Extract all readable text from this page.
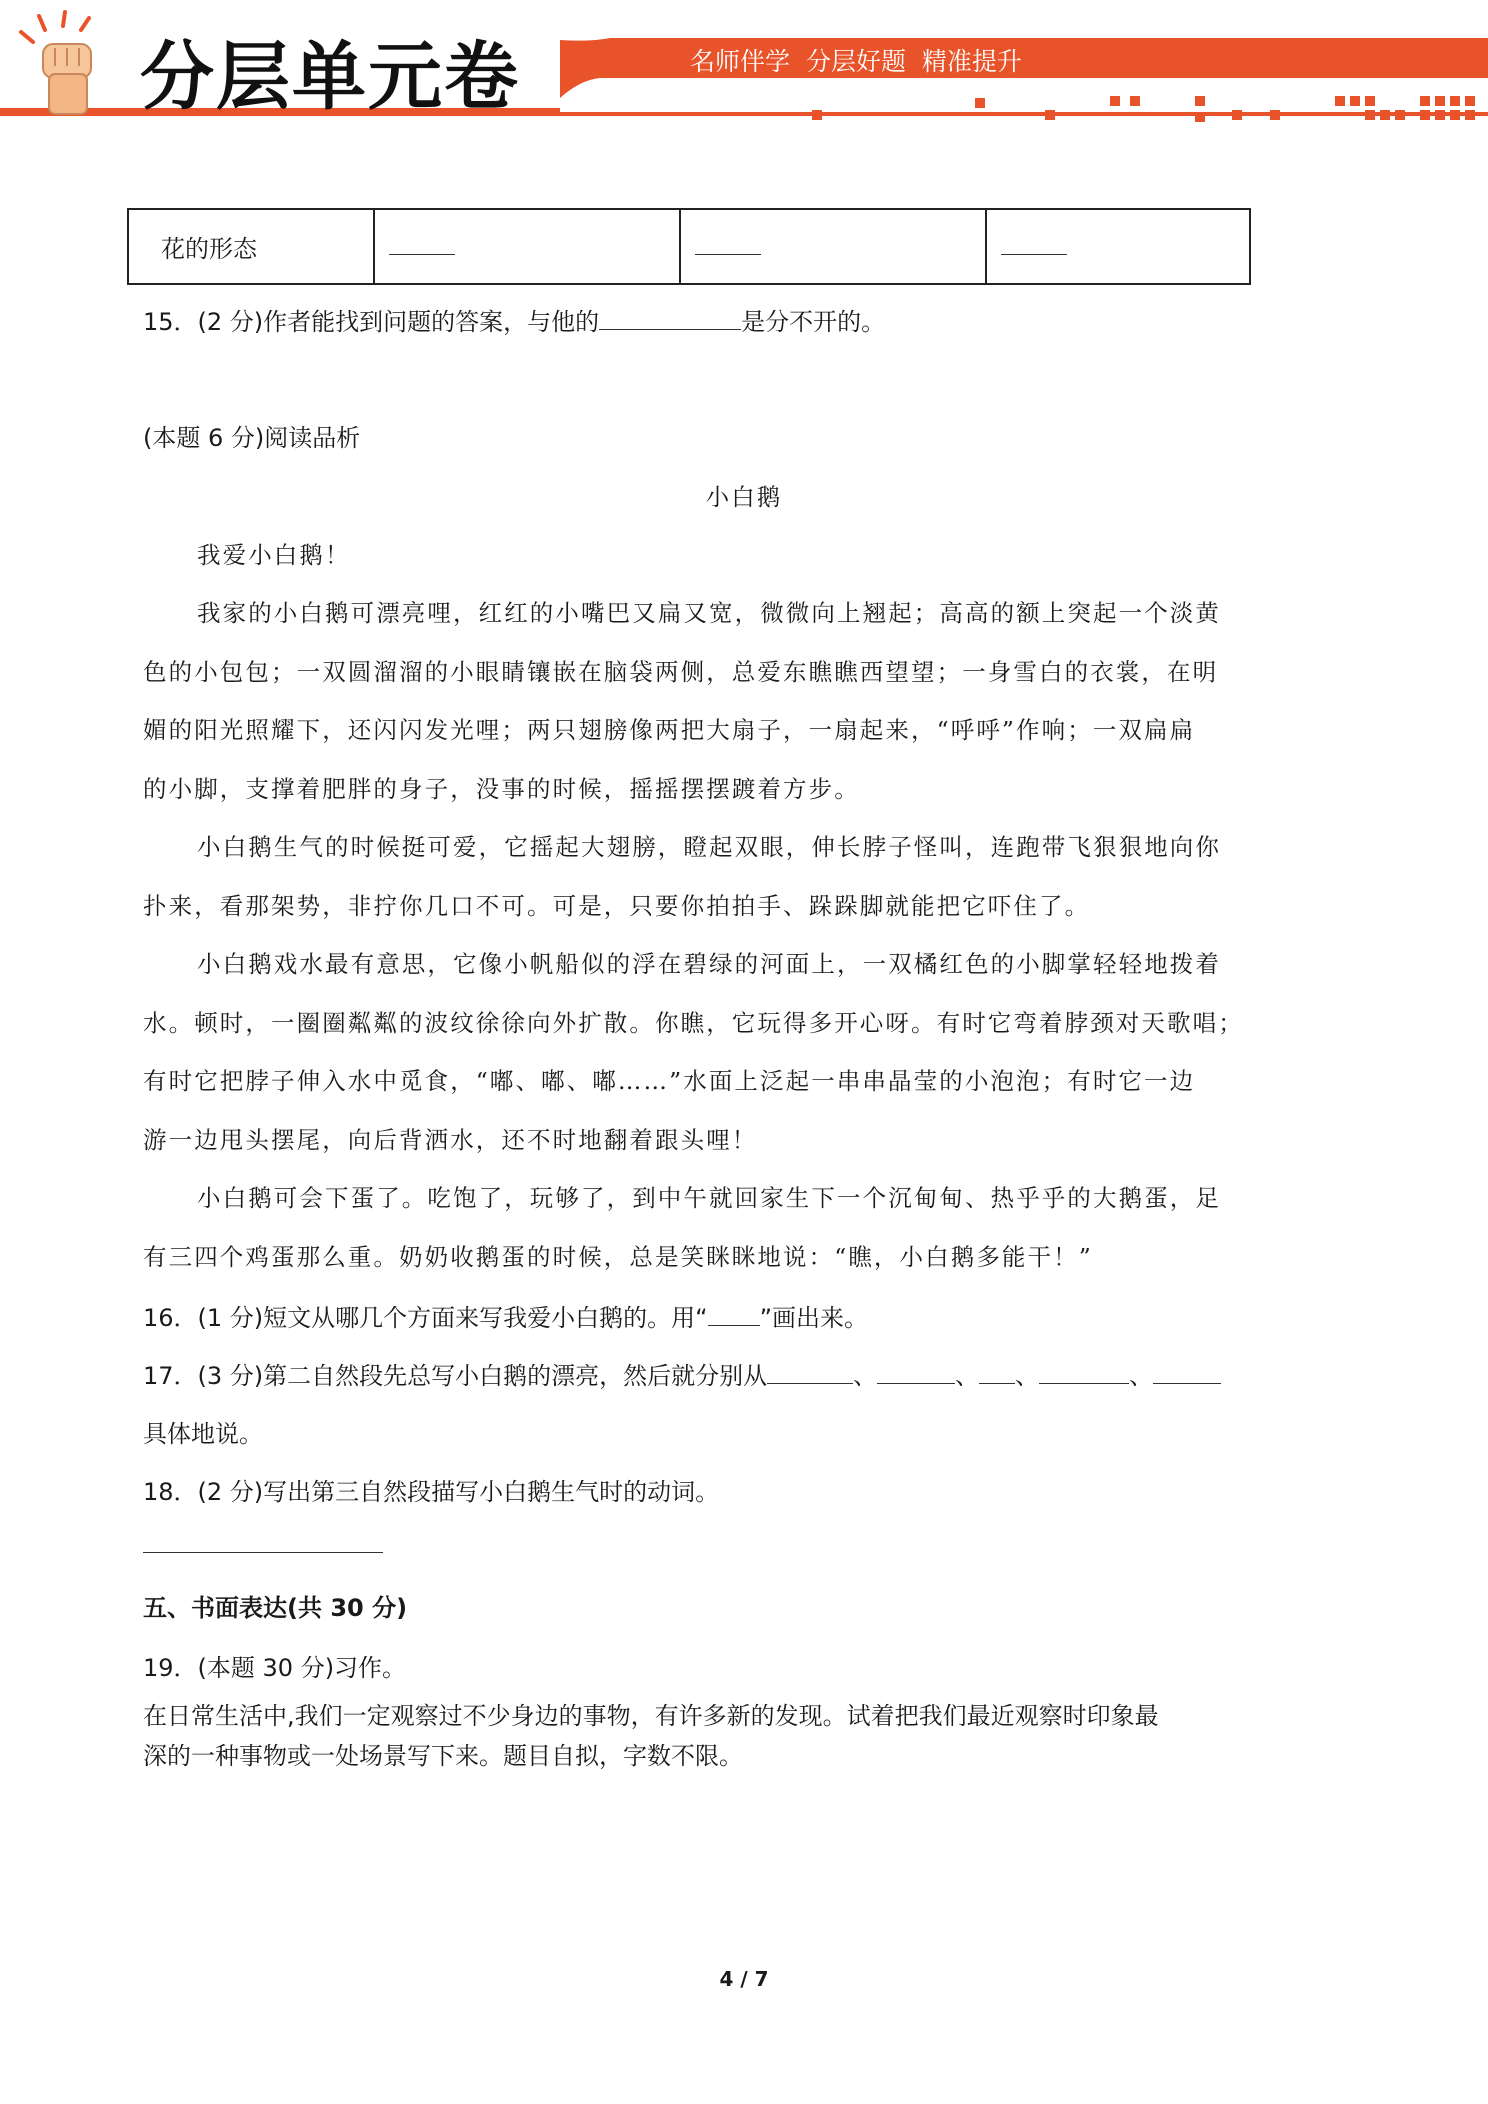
分层单元卷	名师伴学 分层好题 精准提升
花的形态			
15．(2 分)作者能找到问题的答案，与他的	是分不开的。
(本题 6 分)阅读品析
小白鹅
我爱小白鹅！
我家的小白鹅可漂亮哩，红红的小嘴巴又扁又宽，微微向上翘起；高高的额上突起一个淡黄
色的小包包；一双圆溜溜的小眼睛镶嵌在脑袋两侧，总爱东瞧瞧西望望；一身雪白的衣裳，在明
媚的阳光照耀下，还闪闪发光哩；两只翅膀像两把大扇子，一扇起来，“呼呼”作响；一双扁扁
的小脚，支撑着肥胖的身子，没事的时候，摇摇摆摆踱着方步。
小白鹅生气的时候挺可爱，它摇起大翅膀，瞪起双眼，伸长脖子怪叫，连跑带飞狠狠地向你
扑来，看那架势，非拧你几口不可。可是，只要你拍拍手、跺跺脚就能把它吓住了。
小白鹅戏水最有意思，它像小帆船似的浮在碧绿的河面上，一双橘红色的小脚掌轻轻地拨着
水。顿时，一圈圈粼粼的波纹徐徐向外扩散。你瞧，它玩得多开心呀。有时它弯着脖颈对天歌唱；
有时它把脖子伸入水中觅食，“嘟、嘟、嘟……”水面上泛起一串串晶莹的小泡泡；有时它一边
游一边甩头摆尾，向后背洒水，还不时地翻着跟头哩！
小白鹅可会下蛋了。吃饱了，玩够了，到中午就回家生下一个沉甸甸、热乎乎的大鹅蛋，足
有三四个鸡蛋那么重。奶奶收鹅蛋的时候，总是笑眯眯地说：“瞧，小白鹅多能干！”
16．(1 分)短文从哪几个方面来写我爱小白鹅的。用“ ”画出来。
17．(3 分)第二自然段先总写小白鹅的漂亮，然后就分别从	、	、 、	、
具体地说。
18．(2 分)写出第三自然段描写小白鹅生气时的动词。
五、书面表达(共 30 分)
19．(本题 30 分)习作。
在日常生活中,我们一定观察过不少身边的事物，有许多新的发现。试着把我们最近观察时印象最
深的一种事物或一处场景写下来。题目自拟，字数不限。
4 / 7
